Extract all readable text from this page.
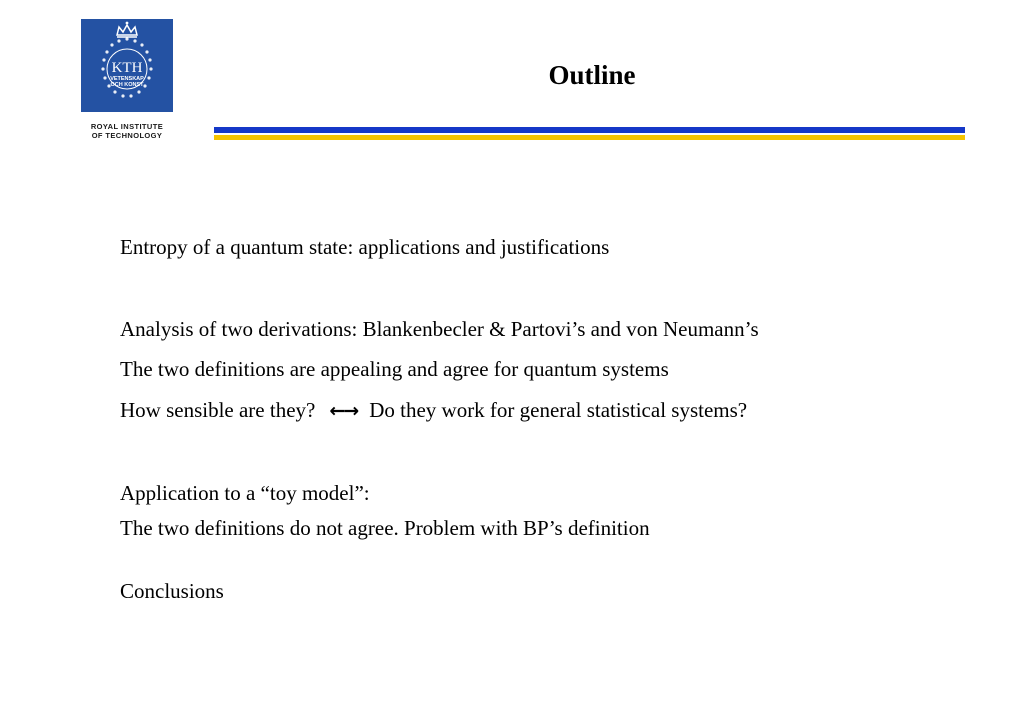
KTH
VETENSKAP
OCH KONST
ROYAL INSTITUTE
OF TECHNOLOGY
Outline
Entropy of a quantum state: applications and justifications
Analysis of two derivations: Blankenbecler & Partovi’s and von Neumann’s
The two definitions are appealing and agree for quantum systems
How sensible are they? ←→ Do they work for general statistical systems?
Application to a “toy model”:
The two definitions do not agree. Problem with BP’s definition
Conclusions
